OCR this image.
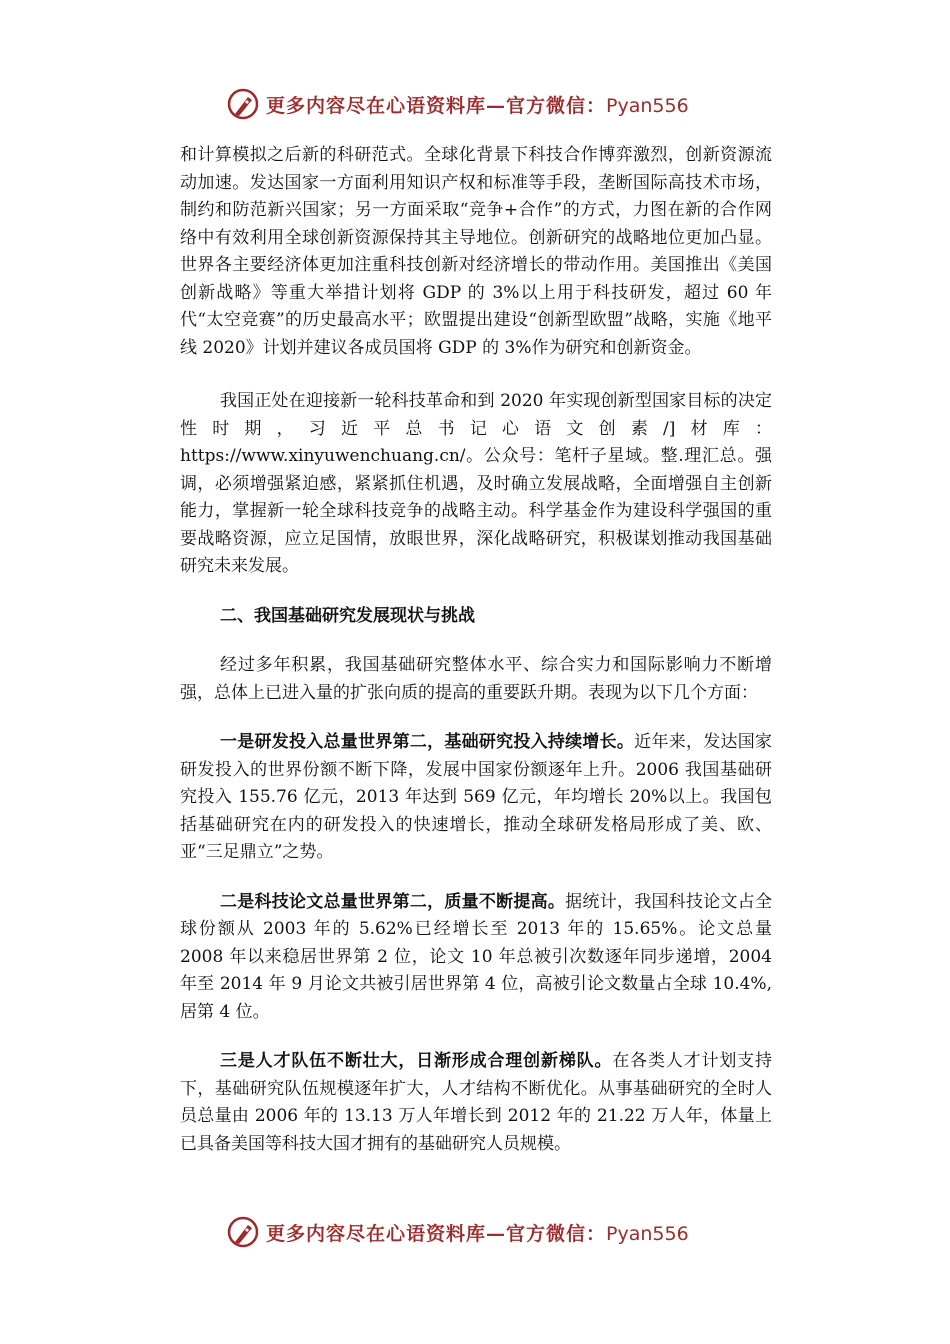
更多内容尽在心语资料库—官方微信：Pyan556

和计算模拟之后新的科研范式。全球化背景下科技合作博弈激烈，创新资源流动加速。发达国家一方面利用知识产权和标准等手段，垄断国际高技术市场，制约和防范新兴国家；另一方面采取“竞争+合作”的方式，力图在新的合作网络中有效利用全球创新资源保持其主导地位。创新研究的战略地位更加凸显。世界各主要经济体更加注重科技创新对经济增长的带动作用。美国推出《美国创新战略》等重大举措计划将 GDP 的 3%以上用于科技研发，超过 60 年代“太空竞赛”的历史最高水平；欧盟提出建设“创新型欧盟”战略，实施《地平线 2020》计划并建议各成员国将 GDP 的 3%作为研究和创新资金。

我国正处在迎接新一轮科技革命和到 2020 年实现创新型国家目标的决定性时期，习近平总书记心语文创素/]材库：https://www.xinyuwenchuang.cn/。公众号：笔杆子星域。整.理汇总。强调，必须增强紧迫感，紧紧抓住机遇，及时确立发展战略，全面增强自主创新能力，掌握新一轮全球科技竞争的战略主动。科学基金作为建设科学强国的重要战略资源，应立足国情，放眼世界，深化战略研究，积极谋划推动我国基础研究未来发展。

二、我国基础研究发展现状与挑战

经过多年积累，我国基础研究整体水平、综合实力和国际影响力不断增强，总体上已进入量的扩张向质的提高的重要跃升期。表现为以下几个方面：

一是研发投入总量世界第二，基础研究投入持续增长。近年来，发达国家研发投入的世界份额不断下降，发展中国家份额逐年上升。2006 我国基础研究投入 155.76 亿元，2013 年达到 569 亿元，年均增长 20%以上。我国包括基础研究在内的研发投入的快速增长，推动全球研发格局形成了美、欧、亚“三足鼎立”之势。

二是科技论文总量世界第二，质量不断提高。据统计，我国科技论文占全球份额从 2003 年的 5.62%已经增长至 2013 年的 15.65%。论文总量 2008 年以来稳居世界第 2 位，论文 10 年总被引次数逐年同步递增，2004 年至 2014 年 9 月论文共被引居世界第 4 位，高被引论文数量占全球 10.4%, 居第 4 位。

三是人才队伍不断壮大，日渐形成合理创新梯队。在各类人才计划支持下，基础研究队伍规模逐年扩大，人才结构不断优化。从事基础研究的全时人员总量由 2006 年的 13.13 万人年增长到 2012 年的 21.22 万人年，体量上已具备美国等科技大国才拥有的基础研究人员规模。

更多内容尽在心语资料库—官方微信：Pyan556
